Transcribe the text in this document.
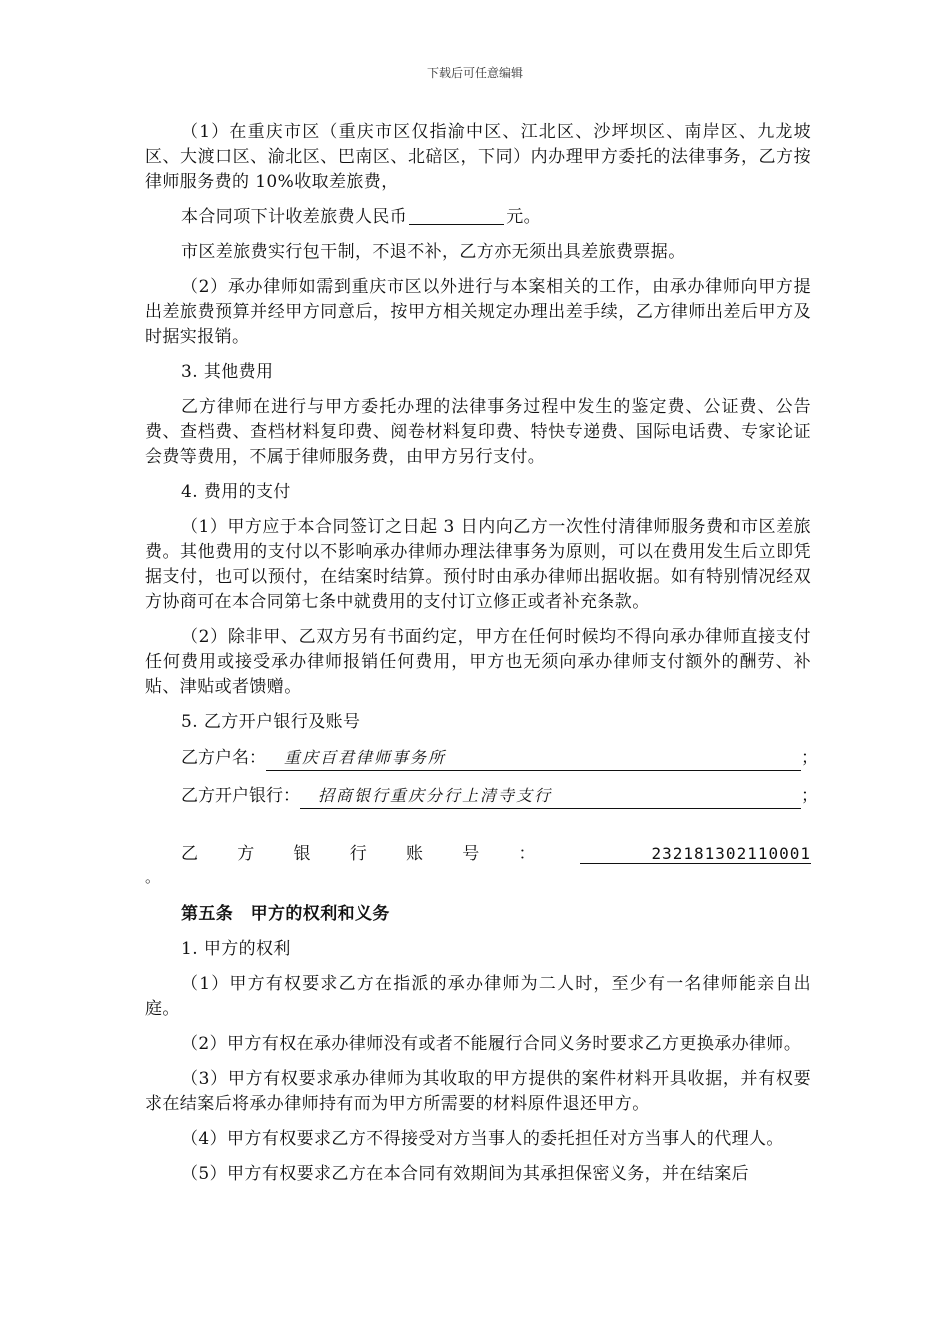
下载后可任意编辑

（1）在重庆市区（重庆市区仅指渝中区、江北区、沙坪坝区、南岸区、九龙坡区、大渡口区、渝北区、巴南区、北碚区，下同）内办理甲方委托的法律事务，乙方按律师服务费的 10%收取差旅费，

本合同项下计收差旅费人民币	元。

市区差旅费实行包干制，不退不补，乙方亦无须出具差旅费票据。

（2）承办律师如需到重庆市区以外进行与本案相关的工作，由承办律师向甲方提出差旅费预算并经甲方同意后，按甲方相关规定办理出差手续，乙方律师出差后甲方及时据实报销。

3. 其他费用

乙方律师在进行与甲方委托办理的法律事务过程中发生的鉴定费、公证费、公告费、查档费、查档材料复印费、阅卷材料复印费、特快专递费、国际电话费、专家论证会费等费用，不属于律师服务费，由甲方另行支付。

4. 费用的支付

（1）甲方应于本合同签订之日起 3 日内向乙方一次性付清律师服务费和市区差旅费。其他费用的支付以不影响承办律师办理法律事务为原则，可以在费用发生后立即凭据支付，也可以预付，在结案时结算。预付时由承办律师出据收据。如有特别情况经双方协商可在本合同第七条中就费用的支付订立修正或者补充条款。

（2）除非甲、乙双方另有书面约定，甲方在任何时候均不得向承办律师直接支付任何费用或接受承办律师报销任何费用，甲方也无须向承办律师支付额外的酬劳、补贴、津贴或者馈赠。

5. 乙方开户银行及账号

乙方户名：	重庆百君律师事务所	；
乙方开户银行：	招商银行重庆分行上清寺支行	；
乙 方 银 行 账 号 ：	232181302110001
。

第五条　甲方的权利和义务

1. 甲方的权利

（1）甲方有权要求乙方在指派的承办律师为二人时，至少有一名律师能亲自出庭。

（2）甲方有权在承办律师没有或者不能履行合同义务时要求乙方更换承办律师。

（3）甲方有权要求承办律师为其收取的甲方提供的案件材料开具收据，并有权要求在结案后将承办律师持有而为甲方所需要的材料原件退还甲方。

（4）甲方有权要求乙方不得接受对方当事人的委托担任对方当事人的代理人。

（5）甲方有权要求乙方在本合同有效期间为其承担保密义务，并在结案后
